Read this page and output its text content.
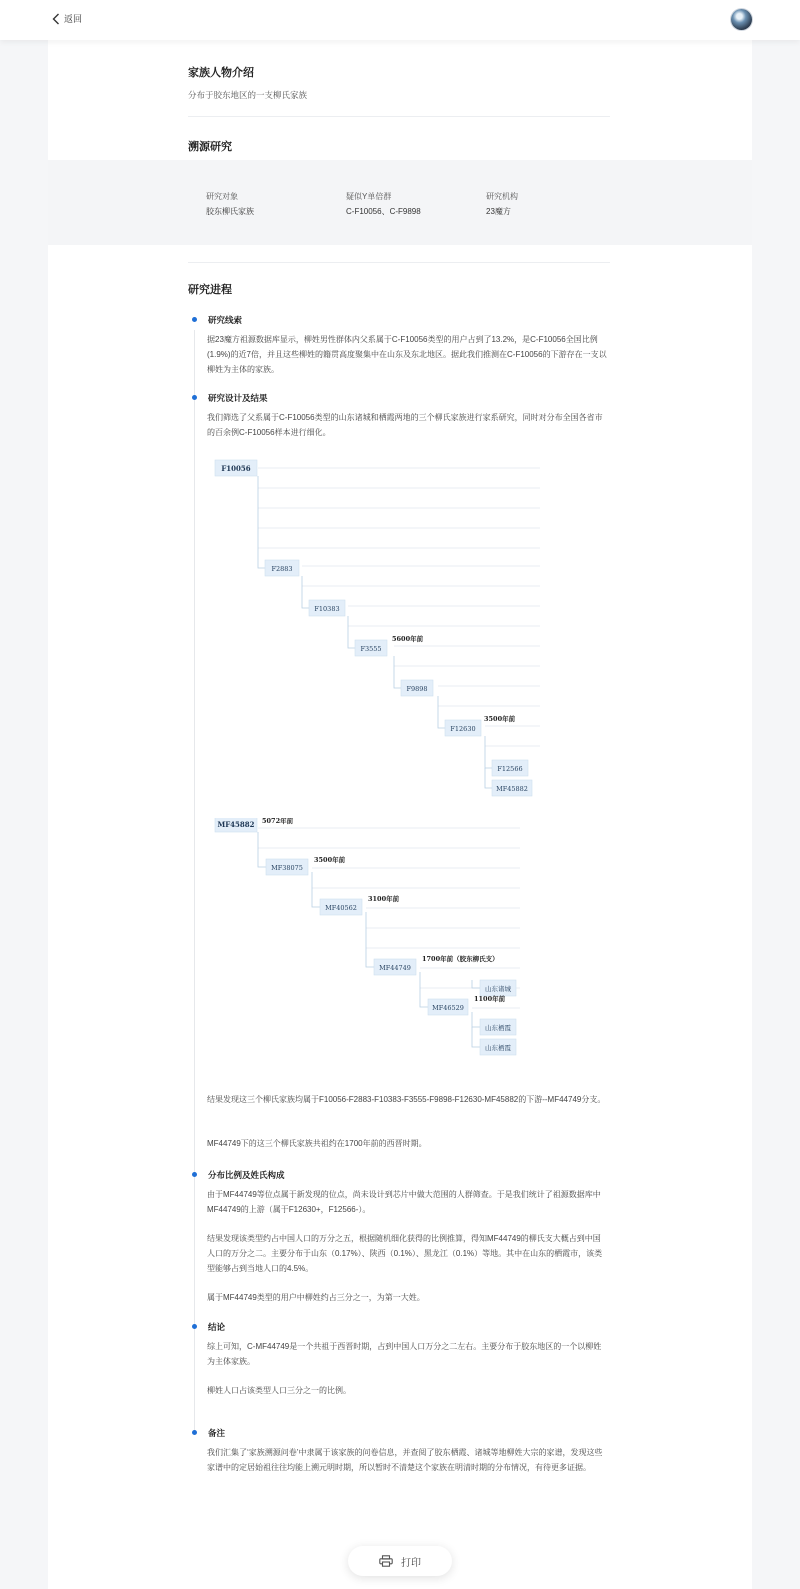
返回
家族人物介绍
分布于胶东地区的一支柳氏家族
溯源研究
研究对象
胶东柳氏家族
疑似Y单倍群
C-F10056、C-F9898
研究机构
23魔方
研究进程
研究线索
据23魔方祖源数据库显示，柳姓男性群体内父系属于C-F10056类型的用户占到了13.2%，是C-F10056全国比例(1.9%)的近7倍，并且这些柳姓的籍贯高度聚集中在山东及东北地区。据此我们推测在C-F10056的下游存在一支以柳姓为主体的家族。
研究设计及结果
我们筛选了父系属于C-F10056类型的山东诸城和栖霞两地的三个柳氏家族进行家系研究，同时对分布全国各省市的百余例C-F10056样本进行细化。
F10056
F2883
F10383
F3555
5600年前
F9898
F12630
3500年前
F12566
MF45882
MF45882 5072年前
MF38075
3500年前
MF40562
3100年前
MF44749
1700年前（胶东柳氏支）
山东诸城
MF46529
1100年前
山东栖霞
山东栖霞
结果发现这三个柳氏家族均属于F10056-F2883-F10383-F3555-F9898-F12630-MF45882的下游--MF44749分支。
MF44749下的这三个柳氏家族共祖约在1700年前的西晋时期。
分布比例及姓氏构成
由于MF44749等位点属于新发现的位点，尚未设计到芯片中做大范围的人群筛查。于是我们统计了祖源数据库中MF44749的上游（属于F12630+，F12566-）。
结果发现该类型约占中国人口的万分之五，根据随机细化获得的比例推算，得知MF44749的柳氏支大概占到中国人口的万分之二。主要分布于山东（0.17%）、陕西（0.1%）、黑龙江（0.1%）等地。其中在山东的栖霞市，该类型能够占到当地人口的4.5%。
属于MF44749类型的用户中柳姓约占三分之一，为第一大姓。
结论
综上可知，C-MF44749是一个共祖于西晋时期，占到中国人口万分之二左右。主要分布于胶东地区的一个以柳姓为主体家族。
柳姓人口占该类型人口三分之一的比例。
备注
我们汇集了‘家族溯源问卷’中隶属于该家族的问卷信息，并查阅了胶东栖霞、诸城等地柳姓大宗的家谱，发现这些家谱中的定居始祖往往均能上溯元明时期，所以暂时不清楚这个家族在明清时期的分布情况，有待更多证据。
打印
